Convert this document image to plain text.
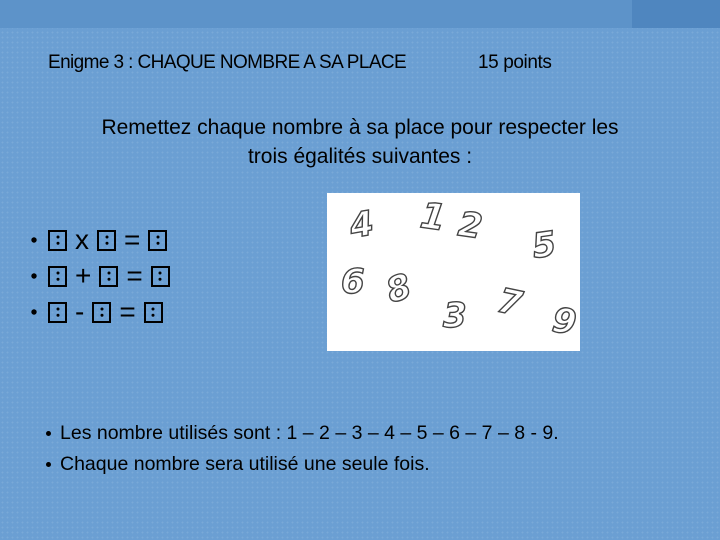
Enigme 3 : CHAQUE NOMBRE A SA PLACE	15 points
Remettez chaque nombre à sa place pour respecter les
trois égalités suivantes :
x =
+ =
- =
4 1 2 5
6 8
3 7 9
Les nombre utilisés sont : 1 – 2 – 3 – 4 – 5 – 6 – 7 – 8 - 9.
Chaque nombre sera utilisé une seule fois.
